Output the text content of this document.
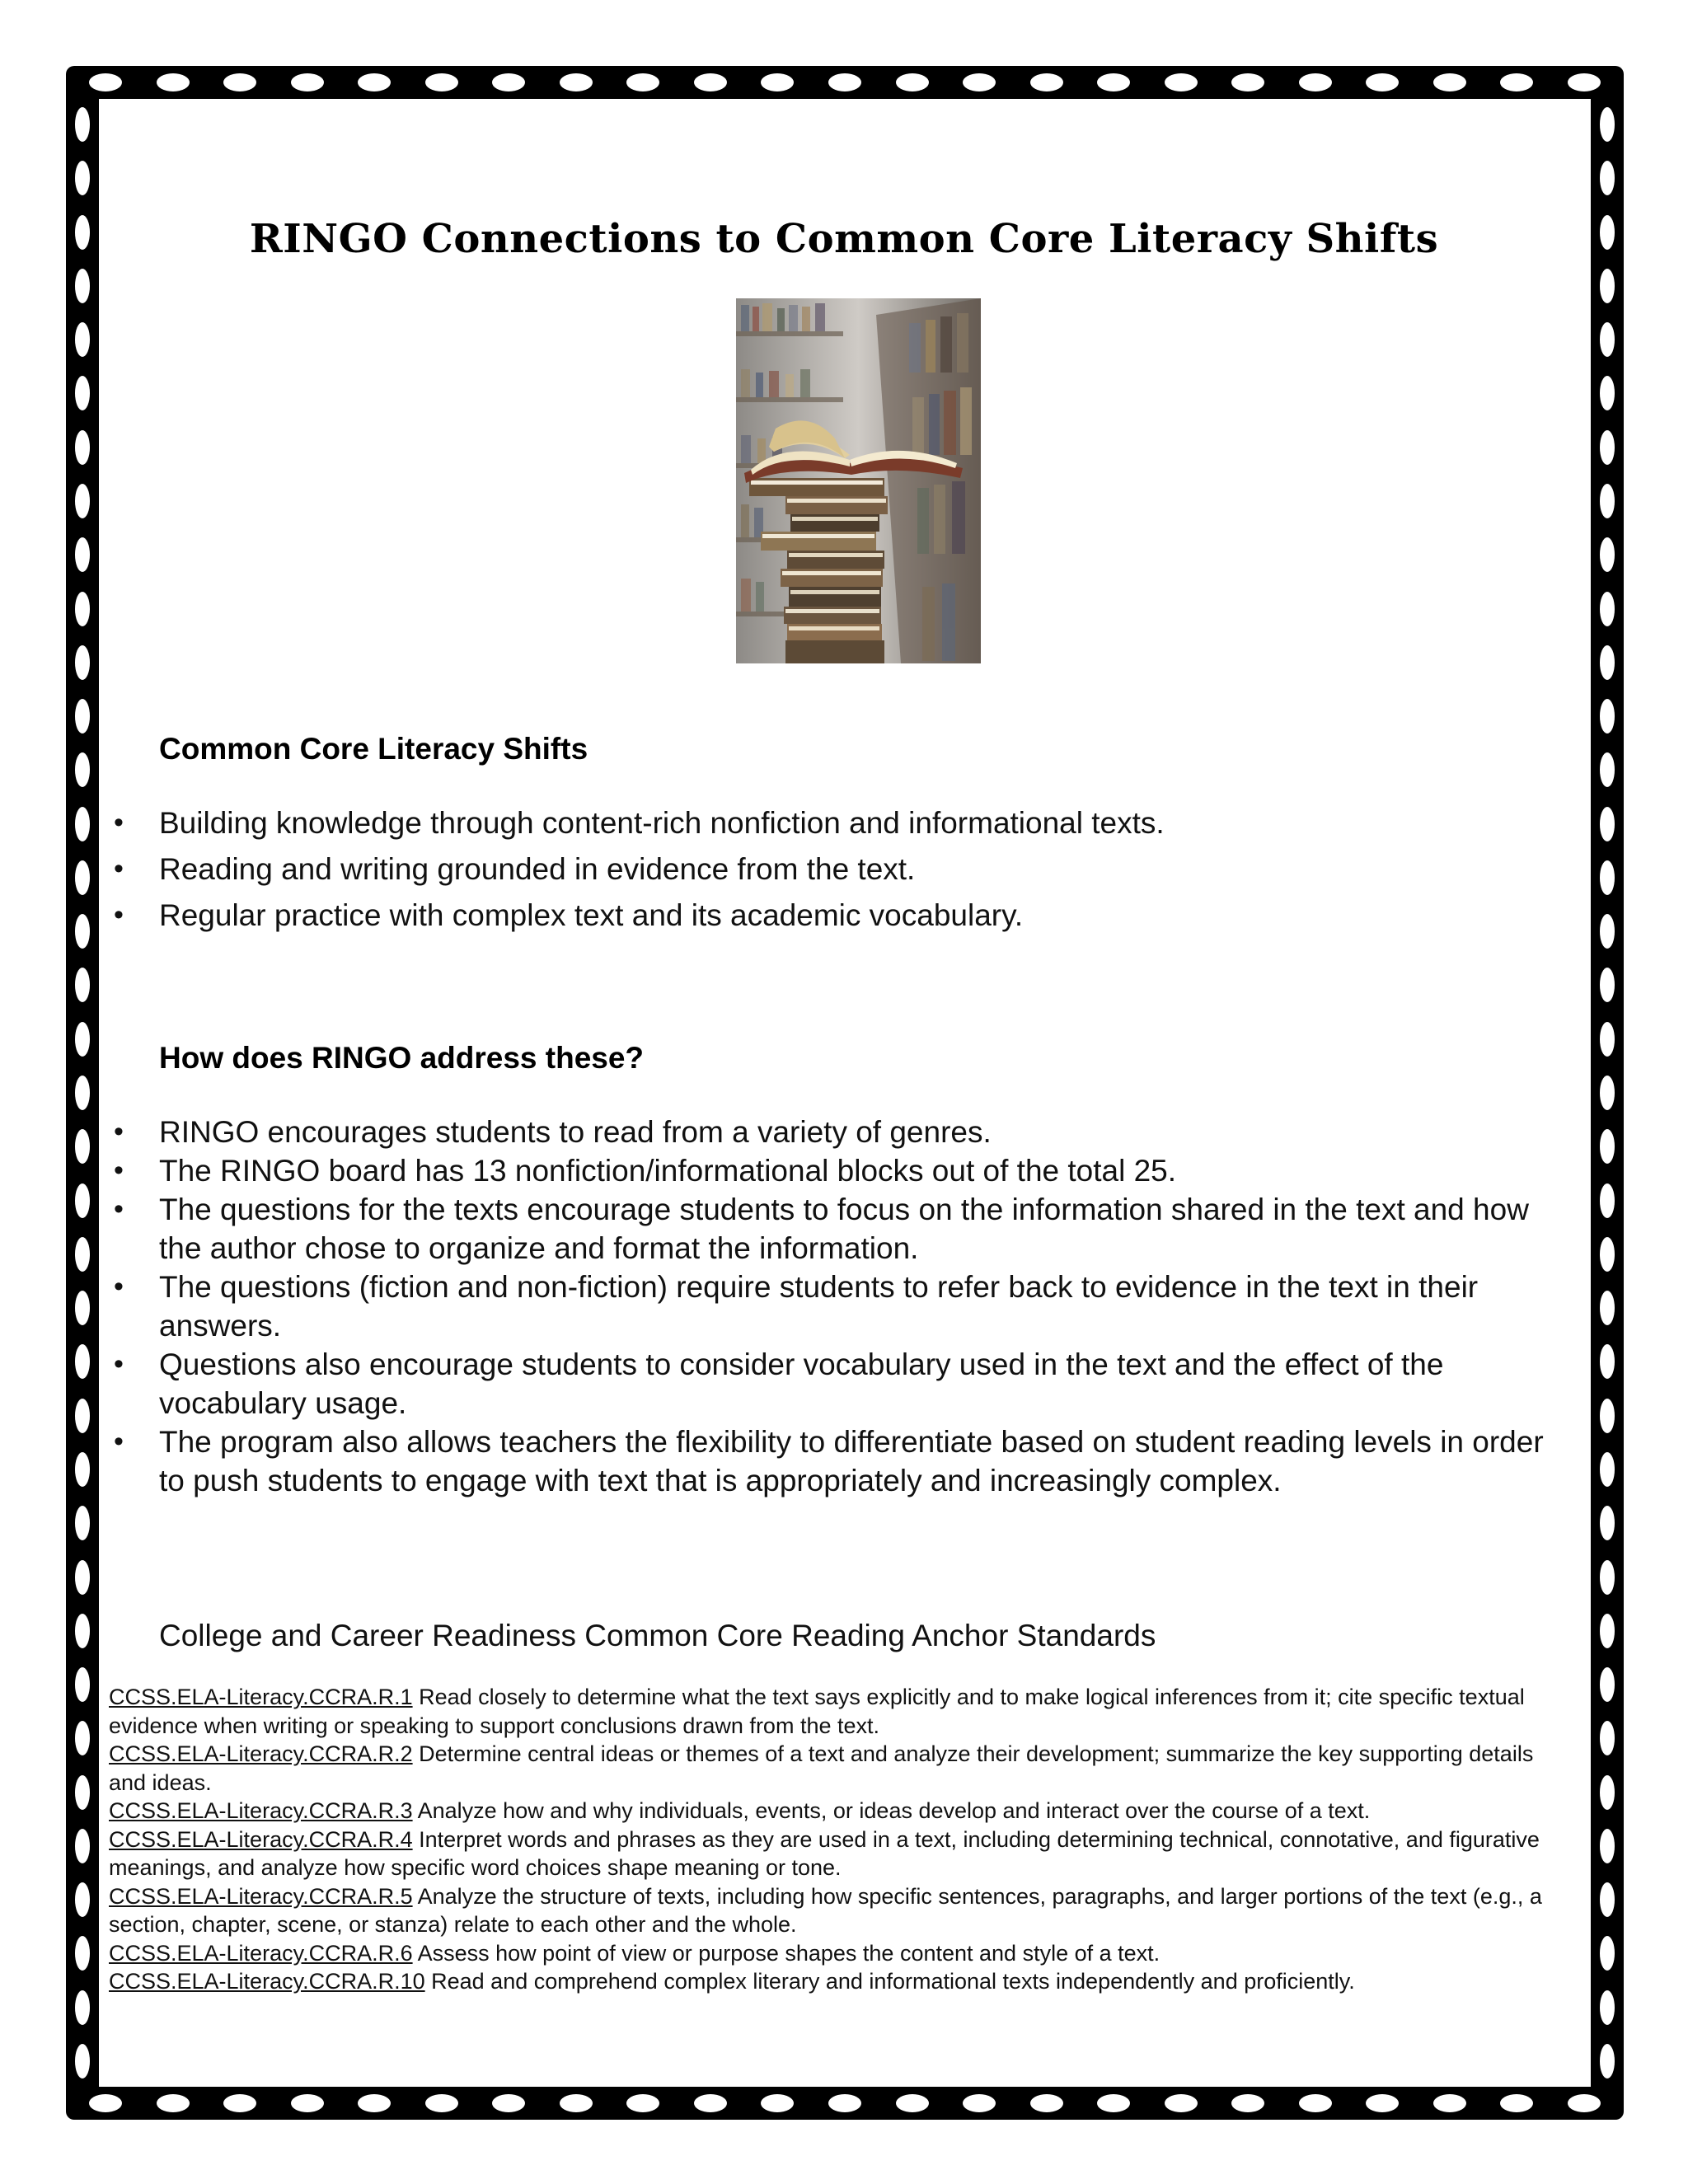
RINGO Connections to Common Core Literacy Shifts
Common Core Literacy Shifts
• Building knowledge through content-rich nonfiction and informational texts.
• Reading and writing grounded in evidence from the text.
• Regular practice with complex text and its academic vocabulary.
How does RINGO address these?
• RINGO encourages students to read from a variety of genres.
• The RINGO board has 13 nonfiction/informational blocks out of the total 25.
• The questions for the texts encourage students to focus on the information shared in the text and how the author chose to organize and format the information.
• The questions (fiction and non-fiction) require students to refer back to evidence in the text in their answers.
• Questions also encourage students to consider vocabulary used in the text and the effect of the vocabulary usage.
• The program also allows teachers the flexibility to differentiate based on student reading levels in order to push students to engage with text that is appropriately and increasingly complex.
College and Career Readiness Common Core Reading Anchor Standards

CCSS.ELA-Literacy.CCRA.R.1 Read closely to determine what the text says explicitly and to make logical inferences from it; cite specific textual evidence when writing or speaking to support conclusions drawn from the text.

CCSS.ELA-Literacy.CCRA.R.2 Determine central ideas or themes of a text and analyze their development; summarize the key supporting details and ideas.

CCSS.ELA-Literacy.CCRA.R.3 Analyze how and why individuals, events, or ideas develop and interact over the course of a text.

CCSS.ELA-Literacy.CCRA.R.4 Interpret words and phrases as they are used in a text, including determining technical, connotative, and figurative meanings, and analyze how specific word choices shape meaning or tone.

CCSS.ELA-Literacy.CCRA.R.5 Analyze the structure of texts, including how specific sentences, paragraphs, and larger portions of the text (e.g., a section, chapter, scene, or stanza) relate to each other and the whole.

CCSS.ELA-Literacy.CCRA.R.6 Assess how point of view or purpose shapes the content and style of a text.

CCSS.ELA-Literacy.CCRA.R.10 Read and comprehend complex literary and informational texts independently and proficiently.
